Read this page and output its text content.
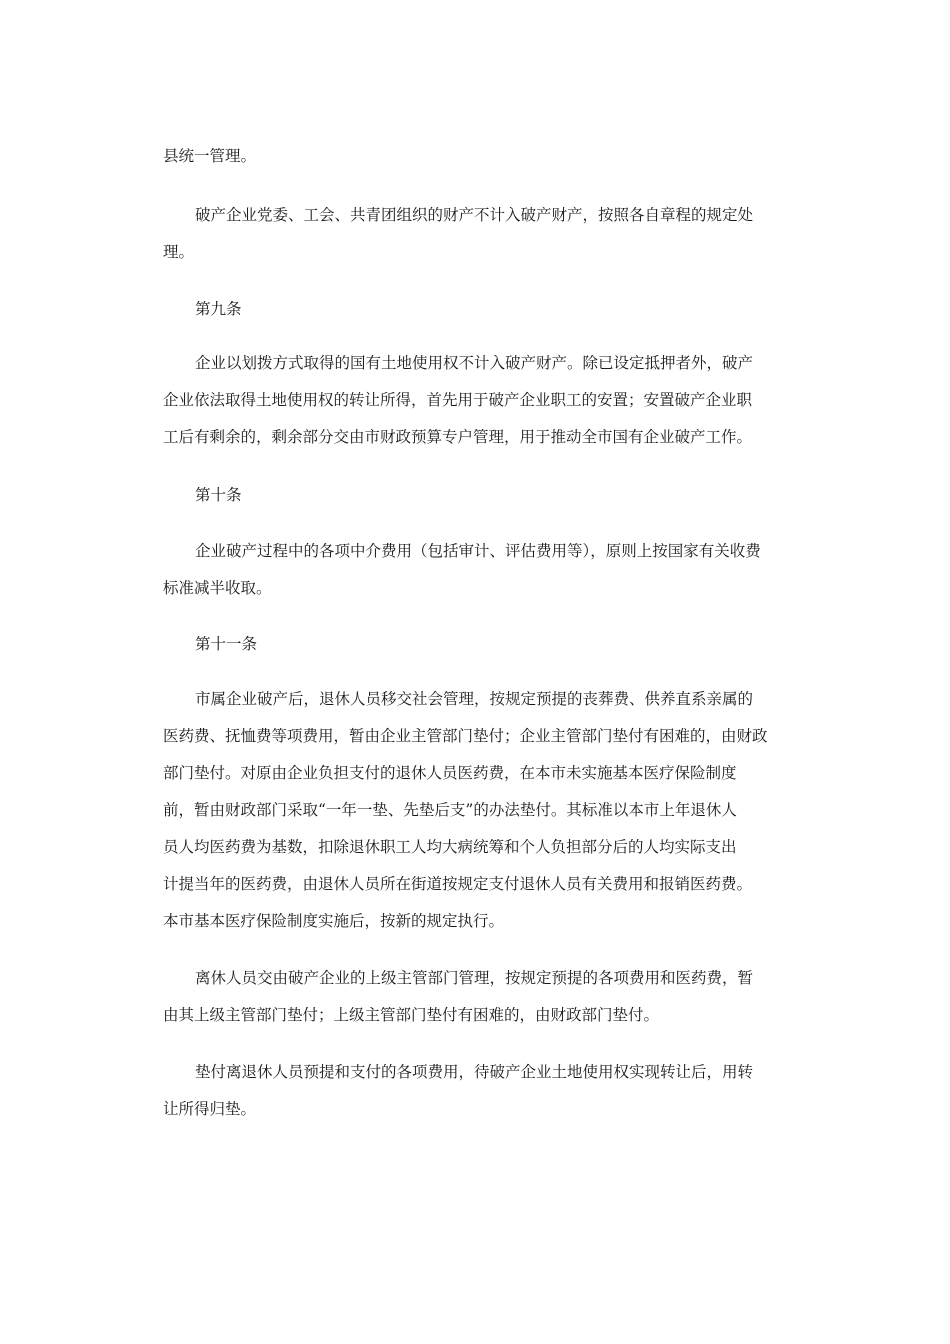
县统一管理。
破产企业党委、工会、共青团组织的财产不计入破产财产，按照各自章程的规定处
理。
第九条
企业以划拨方式取得的国有土地使用权不计入破产财产。除已设定抵押者外，破产
企业依法取得土地使用权的转让所得，首先用于破产企业职工的安置；安置破产企业职
工后有剩余的，剩余部分交由市财政预算专户管理，用于推动全市国有企业破产工作。
第十条
企业破产过程中的各项中介费用（包括审计、评估费用等），原则上按国家有关收费
标准减半收取。
第十一条
市属企业破产后，退休人员移交社会管理，按规定预提的丧葬费、供养直系亲属的
医药费、抚恤费等项费用，暂由企业主管部门垫付；企业主管部门垫付有困难的，由财政
部门垫付。对原由企业负担支付的退休人员医药费，在本市未实施基本医疗保险制度
前，暂由财政部门采取“一年一垫、先垫后支”的办法垫付。其标准以本市上年退休人
员人均医药费为基数，扣除退休职工人均大病统筹和个人负担部分后的人均实际支出
计提当年的医药费，由退休人员所在街道按规定支付退休人员有关费用和报销医药费。
本市基本医疗保险制度实施后，按新的规定执行。
离休人员交由破产企业的上级主管部门管理，按规定预提的各项费用和医药费，暂
由其上级主管部门垫付；上级主管部门垫付有困难的，由财政部门垫付。
垫付离退休人员预提和支付的各项费用，待破产企业土地使用权实现转让后，用转
让所得归垫。
